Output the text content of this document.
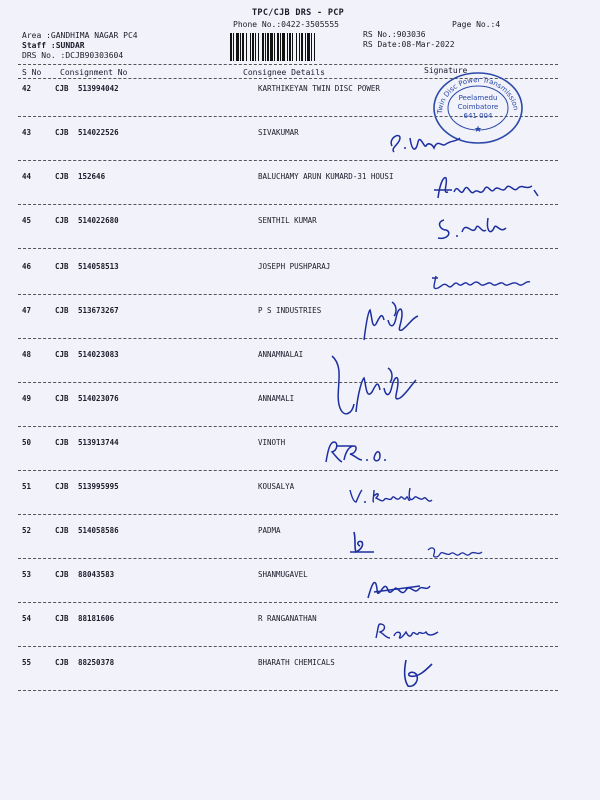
TPC/CJB DRS - PCP
Phone No.:0422-3505555	Page No.:4
Area :GANDHIMA NAGAR PC4
Staff :SUNDAR
DRS No. :DCJB90303604
RS No.:903036
RS Date:08-Mar-2022
S No Consignment No	Consignee Details	Signature
42	CJB 513994042	KARTHIKEYAN TWIN DISC POWER
43	CJB 514022526	SIVAKUMAR
44	CJB 152646	BALUCHAMY ARUN KUMARD-31 HOUSI
45	CJB 514022680	SENTHIL KUMAR
46	CJB 514058513	JOSEPH PUSHPARAJ
47	CJB 513673267	P S INDUSTRIES
48	CJB 514023083	ANNAMNALAI
49	CJB 514023076	ANNAMALI
50	CJB 513913744	VINOTH
51	CJB 513995995	KOUSALYA
52	CJB 514058586	PADMA
53	CJB 88043583	SHANMUGAVEL
54	CJB 88181606	R RANGANATHAN
55	CJB 88250378	BHARATH CHEMICALS
Twin Disc Power Transmission
Peelamedu
Coimbatore
641 004
★
